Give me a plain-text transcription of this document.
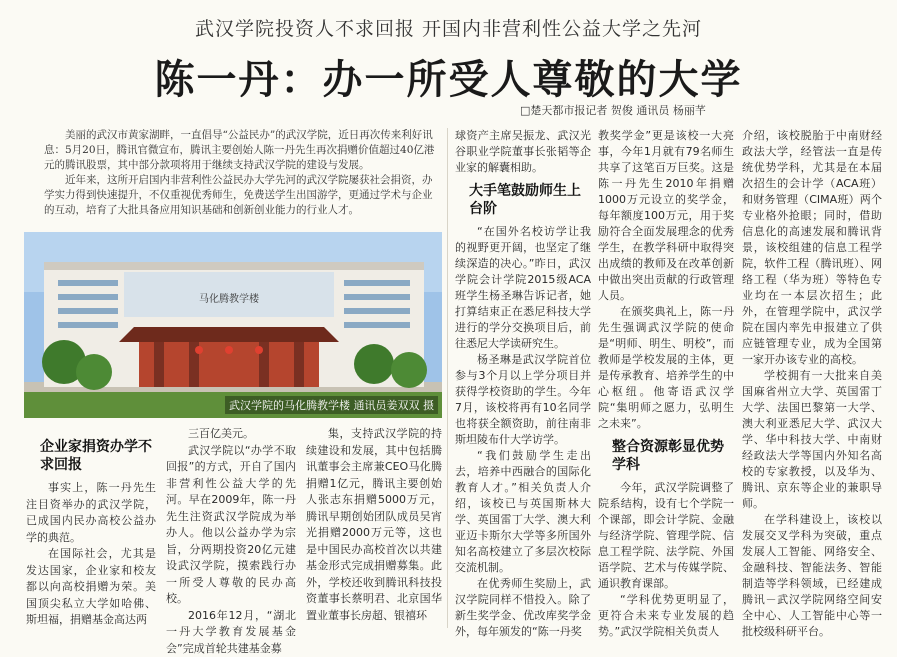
武汉学院投资人不求回报 开国内非营利性公益大学之先河
陈一丹：办一所受人尊敬的大学
□楚天都市报记者 贺俊 通讯员 杨丽芊

美丽的武汉市黄家湖畔，一直倡导“公益民办”的武汉学院，近日再次传来利好讯息：5月20日，腾讯官微宣布，腾讯主要创始人陈一丹先生再次捐赠价值超过40亿港元的腾讯股票，其中部分款项将用于继续支持武汉学院的建设与发展。

近年来，这所开启国内非营利性公益民办大学先河的武汉学院屡获社会捐资，办学实力得到快速提升，不仅重视优秀师生，免费送学生出国游学，更通过学术与企业的互动，培育了大批具备应用知识基础和创新创业能力的行业人才。

马化腾教学楼
武汉学院的马化腾教学楼 通讯员姜双双 摄
企业家捐资办学不求回报

事实上，陈一丹先生注目资举办的武汉学院，已成国内民办高校公益办学的典范。

在国际社会，尤其是发达国家，企业家和校友都以向高校捐赠为荣。美国顶尖私立大学如哈佛、斯坦福，捐赠基金高达两

三百亿美元。

武汉学院以“办学不取回报”的方式，开自了国内非营利性公益大学的先河。早在2009年，陈一丹先生注资武汉学院成为举办人。他以公益办学为宗旨，分两期投资20亿元建设武汉学院，摸索践行办一所受人尊敬的民办高校。

2016年12月，“湖北一丹大学教育发展基金会”完成首轮共建基金募

集，支持武汉学院的持续建设和发展，其中包括腾讯董事会主席兼CEO马化腾捐赠1亿元，腾讯主要创始人张志东捐赠5000万元，腾讯早期创始团队成员吴宵光捐赠2000万元等，这也是中国民办高校首次以共建基金形式完成捐赠募集。此外，学校还收到腾讯科技投资董事长蔡明君、北京国华置业董事长房超、银禧环

球资产主席吴振龙、武汉光谷职业学院董事长张韬等企业家的解囊相助。

大手笔鼓励师生上台阶

“在国外名校访学让我的视野更开阔，也坚定了继续深造的决心。”昨日，武汉学院会计学院2015级ACA班学生杨圣琳告诉记者，她打算结束正在悉尼科技大学进行的学分交换项目后，前往悉尼大学读研究生。

杨圣琳是武汉学院首位参与3个月以上学分项目并获得学校资助的学生。今年7月，该校将再有10名同学也将获全额资助，前往南非斯坦陵布什大学访学。

“我们鼓励学生走出去，培养中西融合的国际化教育人才。”相关负责人介绍，该校已与英国斯林大学、英国雷丁大学、澳大利亚迈卡斯尔大学等多所国外知名高校建立了多层次校际交流机制。

在优秀师生奖励上，武汉学院同样不惜投入。除了新生奖学金、优改库奖学金外，每年颁发的“陈一丹奖

教奖学金”更是该校一大亮事，今年1月就有79名师生共享了这笔百万巨奖。这是陈一丹先生2010年捐赠1000万元设立的奖学金，每年额度100万元，用于奖励符合全面发展理念的优秀学生，在教学科研中取得突出成绩的教师及在改革创新中做出突出贡献的行政管理人员。

在颁奖典礼上，陈一丹先生强调武汉学院的使命是“明师、明生、明校”，而教师是学校发展的主体，更是传承教育、培养学生的中心枢纽。他寄语武汉学院“集明师之愿力，弘明生之未来”。

整合资源彰显优势学科

今年，武汉学院调整了院系结构，设有七个学院一个课部，即会计学院、金融与经济学院、管理学院、信息工程学院、法学院、外国语学院、艺术与传媒学院、通识教育课部。

“学科优势更明显了，更符合未来专业发展的趋势。”武汉学院相关负责人

介绍，该校脱胎于中南财经政法大学，经管法一直是传统优势学科，尤其是在本届次招生的会计学（ACA班）和财务管理（CIMA班）两个专业格外抢眼；同时，借助信息化的高速发展和腾讯背景，该校组建的信息工程学院，软件工程（腾讯班）、网络工程（华为班）等特色专业均在一本层次招生；此外，在管理学院中，武汉学院在国内率先申报建立了供应链管理专业，成为全国第一家开办该专业的高校。

学校拥有一大批来自美国麻省州立大学、英国雷丁大学、法国巴黎第一大学、澳大利亚悉尼大学、武汉大学、华中科技大学、中南财经政法大学等国内外知名高校的专家教授，以及华为、腾讯、京东等企业的兼职导师。

在学科建设上，该校以发展交叉学科为突破，重点发展人工智能、网络安全、金融科技、智能法务、智能制造等学科领域，已经建成腾讯－武汉学院网络空间安全中心、人工智能中心等一批校级科研平台。
